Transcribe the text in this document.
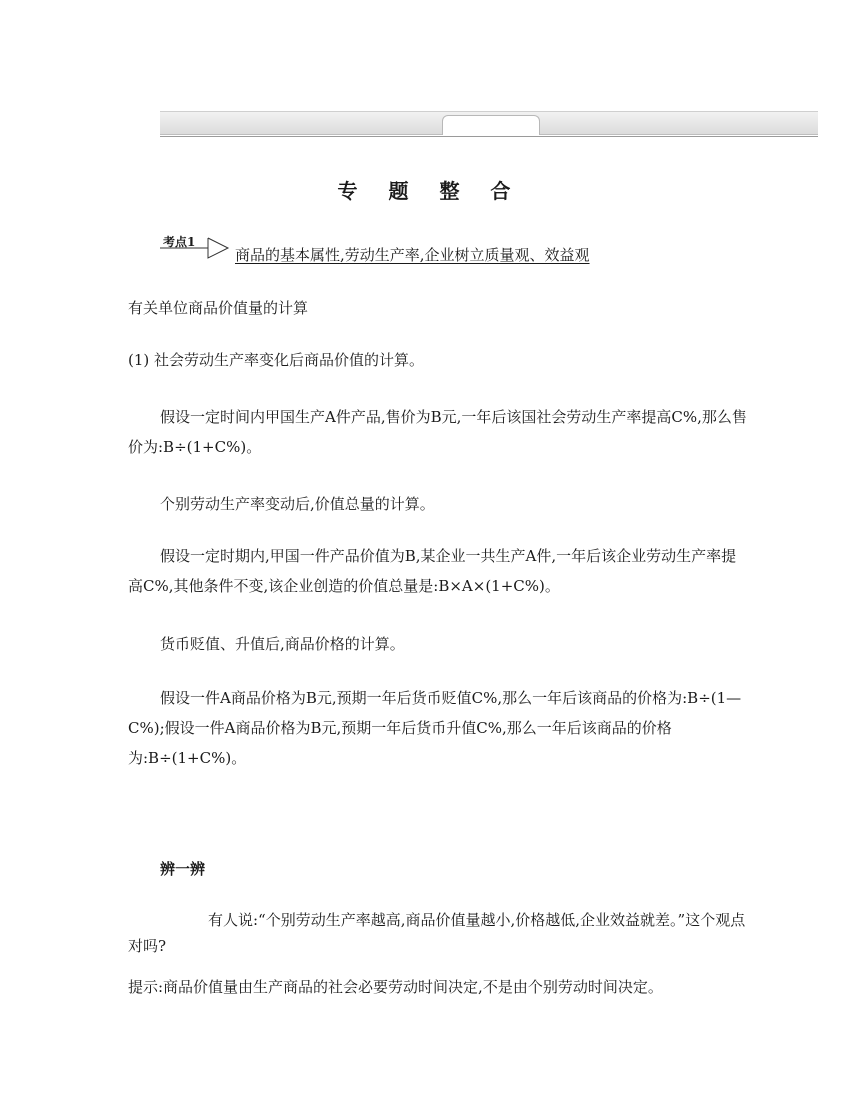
专 题 整 合
考点1
商品的基本属性,劳动生产率,企业树立质量观、效益观
有关单位商品价值量的计算
(1) 社会劳动生产率变化后商品价值的计算。
假设一定时间内甲国生产A件产品,售价为B元,一年后该国社会劳动生产率提高C%,那么售价为:B÷(1+C%)。
个别劳动生产率变动后,价值总量的计算。
假设一定时期内,甲国一件产品价值为B,某企业一共生产A件,一年后该企业劳动生产率提高C%,其他条件不变,该企业创造的价值总量是:B×A×(1+C%)。
货币贬值、升值后,商品价格的计算。
假设一件A商品价格为B元,预期一年后货币贬值C%,那么一年后该商品的价格为:B÷(1—C%);假设一件A商品价格为B元,预期一年后货币升值C%,那么一年后该商品的价格为:B÷(1+C%)。
辨一辨
有人说:“个别劳动生产率越高,商品价值量越小,价格越低,企业效益就差。”这个观点对吗?
提示:商品价值量由生产商品的社会必要劳动时间决定,不是由个别劳动时间决定。
